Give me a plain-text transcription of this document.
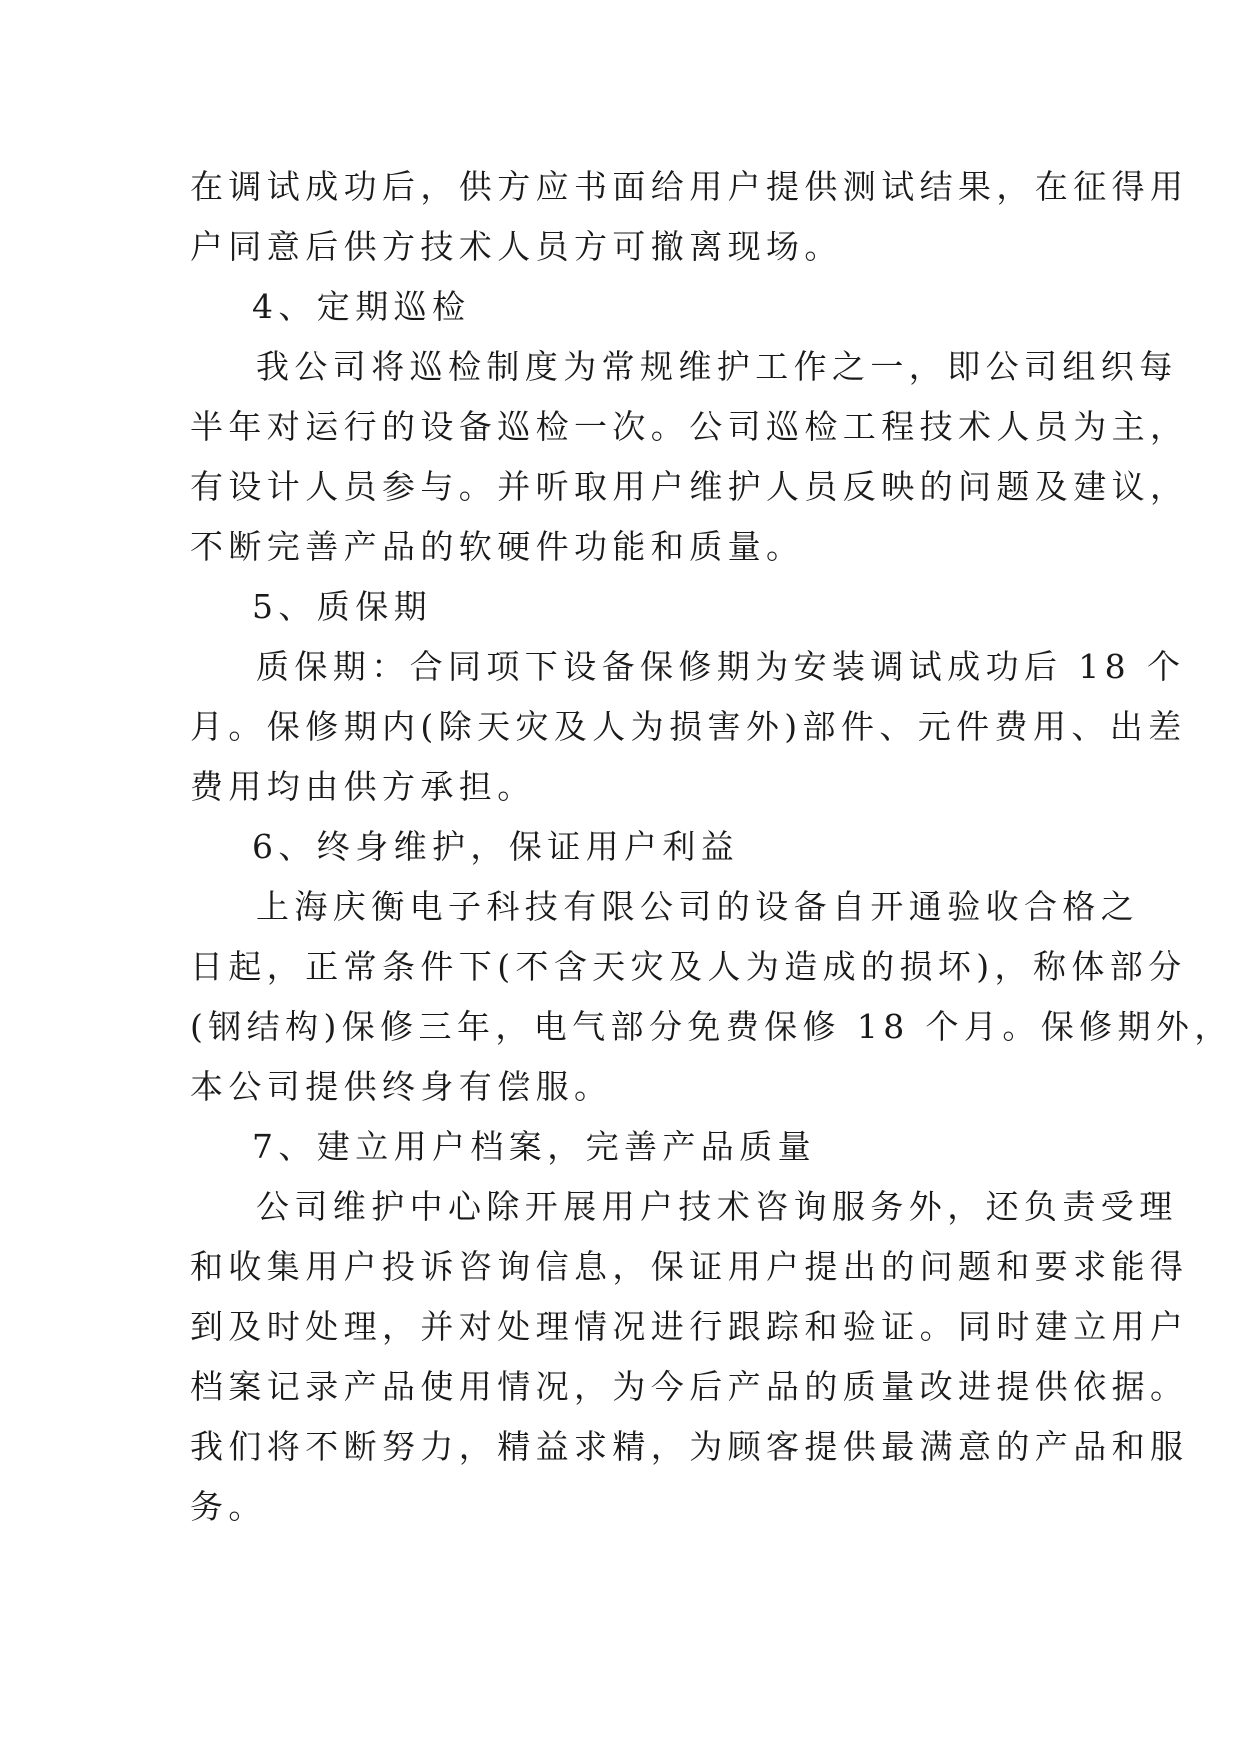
在调试成功后，供方应书面给用户提供测试结果，在征得用
户同意后供方技术人员方可撤离现场。
4、定期巡检
我公司将巡检制度为常规维护工作之一，即公司组织每
半年对运行的设备巡检一次。公司巡检工程技术人员为主，
有设计人员参与。并听取用户维护人员反映的问题及建议，
不断完善产品的软硬件功能和质量。
5、质保期
质保期：合同项下设备保修期为安装调试成功后 18 个
月。保修期内(除天灾及人为损害外)部件、元件费用、出差
费用均由供方承担。
6、终身维护，保证用户利益
上海庆衡电子科技有限公司的设备自开通验收合格之
日起，正常条件下(不含天灾及人为造成的损坏)，称体部分
(钢结构)保修三年，电气部分免费保修 18 个月。保修期外，
本公司提供终身有偿服。
7、建立用户档案，完善产品质量
公司维护中心除开展用户技术咨询服务外，还负责受理
和收集用户投诉咨询信息，保证用户提出的问题和要求能得
到及时处理，并对处理情况进行跟踪和验证。同时建立用户
档案记录产品使用情况，为今后产品的质量改进提供依据。
我们将不断努力，精益求精，为顾客提供最满意的产品和服
务。
